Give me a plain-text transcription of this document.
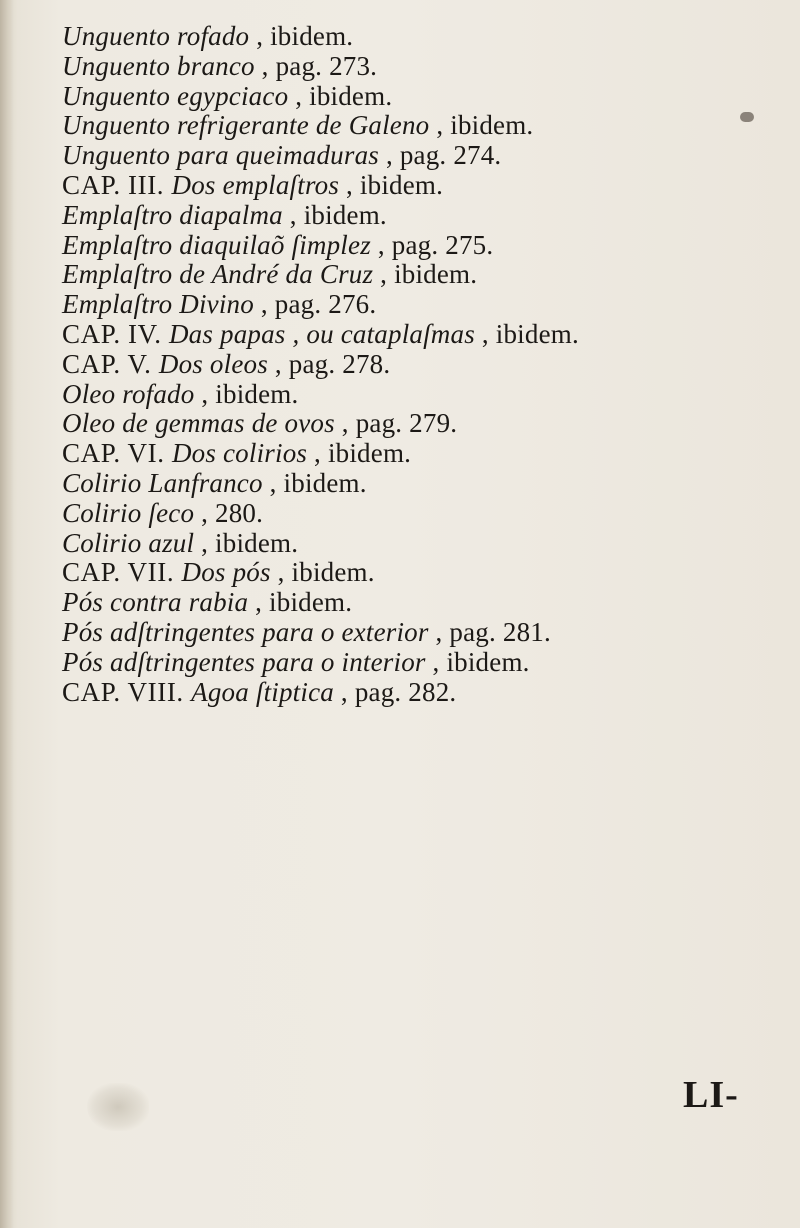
Unguento rofado , ibidem.
Unguento branco , pag. 273.
Unguento egypciaco , ibidem.
Unguento refrigerante de Galeno , ibidem.
Unguento para queimaduras , pag. 274.
CAP. III. Dos emplaſtros , ibidem.
Emplaſtro diapalma , ibidem.
Emplaſtro diaquilaõ ſimplez , pag. 275.
Emplaſtro de André da Cruz , ibidem.
Emplaſtro Divino , pag. 276.
CAP. IV. Das papas , ou cataplaſmas , ibidem.
CAP. V. Dos oleos , pag. 278.
Oleo rofado , ibidem.
Oleo de gemmas de ovos , pag. 279.
CAP. VI. Dos colirios , ibidem.
Colirio Lanfranco , ibidem.
Colirio ſeco , 280.
Colirio azul , ibidem.
CAP. VII. Dos pós , ibidem.
Pós contra rabia , ibidem.
Pós adſtringentes para o exterior , pag. 281.
Pós adſtringentes para o interior , ibidem.
CAP. VIII. Agoa ſtiptica , pag. 282.
LI-
